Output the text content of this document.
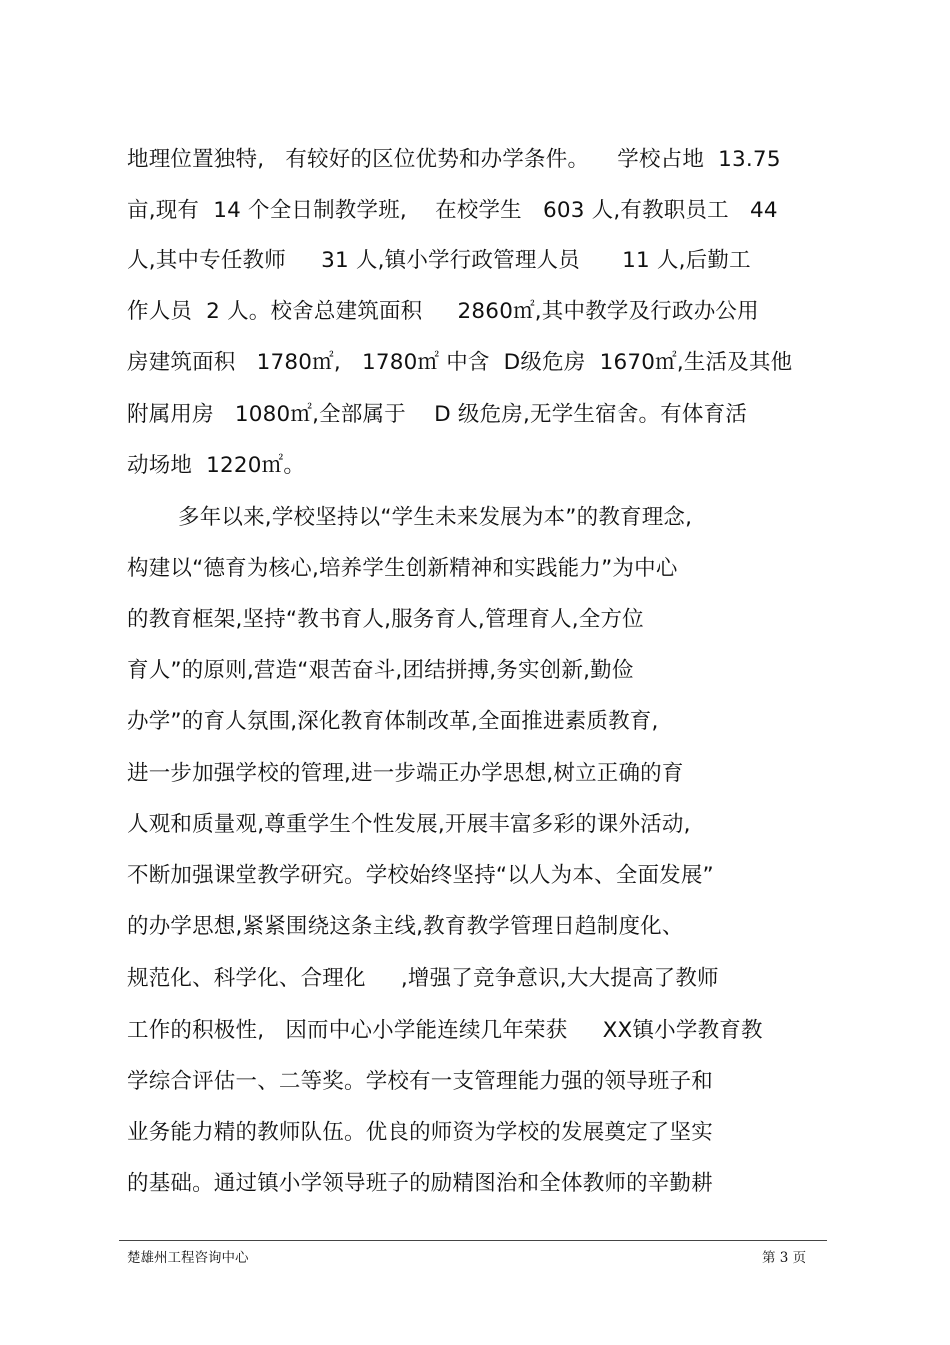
地理位置独特,   有较好的区位优势和办学条件。    学校占地  13.75
亩,现有  14 个全日制教学班,    在校学生   603 人,有教职员工   44
人,其中专任教师     31 人,镇小学行政管理人员      11 人,后勤工
作人员  2 人。校舍总建筑面积     2860㎡,其中教学及行政办公用
房建筑面积   1780㎡,   1780㎡ 中含  D级危房  1670㎡,生活及其他
附属用房   1080㎡,全部属于    D 级危房,无学生宿舍。有体育活
动场地  1220㎡。
多年以来,学校坚持以“学生未来发展为本”的教育理念,
构建以“德育为核心,培养学生创新精神和实践能力”为中心
的教育框架,坚持“教书育人,服务育人,管理育人,全方位
育人”的原则,营造“艰苦奋斗,团结拼搏,务实创新,勤俭
办学”的育人氛围,深化教育体制改革,全面推进素质教育,
进一步加强学校的管理,进一步端正办学思想,树立正确的育
人观和质量观,尊重学生个性发展,开展丰富多彩的课外活动,
不断加强课堂教学研究。学校始终坚持“以人为本、全面发展”
的办学思想,紧紧围绕这条主线,教育教学管理日趋制度化、
规范化、科学化、合理化     ,增强了竞争意识,大大提高了教师
工作的积极性,   因而中心小学能连续几年荣获     XX镇小学教育教
学综合评估一、二等奖。学校有一支管理能力强的领导班子和
业务能力精的教师队伍。优良的师资为学校的发展奠定了坚实
的基础。通过镇小学领导班子的励精图治和全体教师的辛勤耕
楚雄州工程咨询中心	第 3 页
